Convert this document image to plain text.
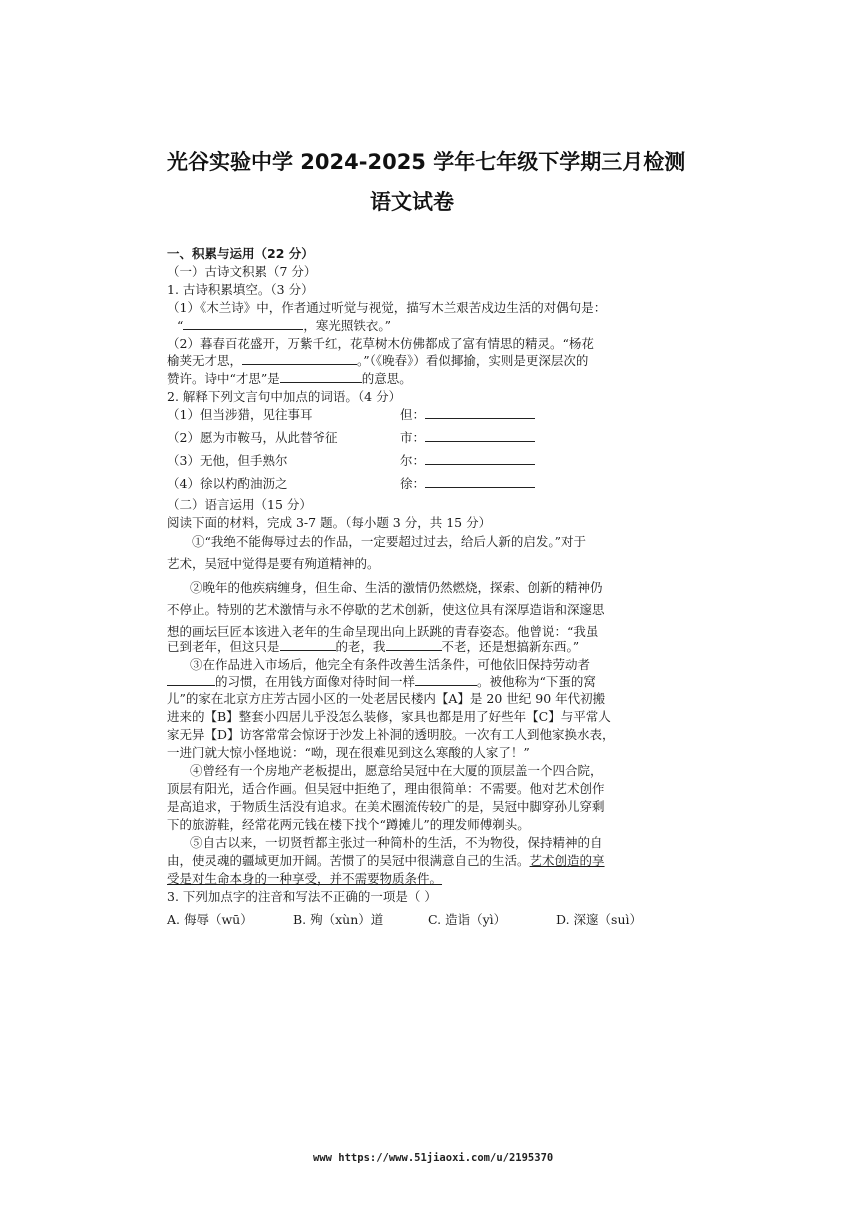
光谷实验中学 2024-2025 学年七年级下学期三月检测
语文试卷
一、积累与运用（22 分）
（一）古诗文积累（7 分）
1. 古诗积累填空。（3 分）
（1）《木兰诗》中，作者通过听觉与视觉，描写木兰艰苦戍边生活的对偶句是：
“	，寒光照铁衣。”
（2）暮春百花盛开，万紫千红，花草树木仿佛都成了富有情思的精灵。“杨花
榆荚无才思，	。”（《晚春》）看似揶揄，实则是更深层次的
赞许。诗中“才思”是	的意思。
2. 解释下列文言句中加点的词语。（4 分）
（1）但当涉猎，见往事耳	但：
（2）愿为市鞍马，从此替爷征	市：
（3）无他，但手熟尔	尔：
（4）徐以杓酌油沥之	徐：
（二）语言运用（15 分）
阅读下面的材料，完成 3-7 题。（每小题 3 分，共 15 分）
①“我绝不能侮辱过去的作品，一定要超过过去，给后人新的启发。”对于
艺术，吴冠中觉得是要有殉道精神的。
②晚年的他疾病缠身，但生命、生活的激情仍然燃烧，探索、创新的精神仍
不停止。特别的艺术激情与永不停歇的艺术创新，使这位具有深厚造诣和深邃思
想的画坛巨匠本该进入老年的生命呈现出向上跃跳的青春姿态。他曾说：“我虽
已到老年，但这只是	的老，我	不老，还是想搞新东西。”
③在作品进入市场后，他完全有条件改善生活条件，可他依旧保持劳动者
的习惯，在用钱方面像对待时间一样	。被他称为“下蛋的窝
儿”的家在北京方庄芳古园小区的一处老居民楼内【A】是 20 世纪 90 年代初搬
进来的【B】整套小四居儿乎没怎么装修，家具也都是用了好些年【C】与平常人
家无异【D】访客常常会惊讶于沙发上补洞的透明胶。一次有工人到他家换水表，
一进门就大惊小怪地说：“呦，现在很难见到这么寒酸的人家了！”
④曾经有一个房地产老板提出，愿意给吴冠中在大厦的顶层盖一个四合院，
顶层有阳光，适合作画。但吴冠中拒绝了，理由很简单：不需要。他对艺术创作
是高追求，于物质生活没有追求。在美术圈流传较广的是，吴冠中脚穿孙儿穿剩
下的旅游鞋，经常花两元钱在楼下找个“蹲摊儿”的理发师傅剃头。
⑤自古以来，一切贤哲都主张过一种简朴的生活，不为物役，保持精神的自
由，使灵魂的疆域更加开阔。苦惯了的吴冠中很满意自己的生活。艺术创造的享
受是对生命本身的一种享受，并不需要物质条件。
3. 下列加点字的注音和写法不正确的一项是（ ）
A. 侮辱（wū）	B. 殉（xùn）道	C. 造诣（yì）	D. 深邃（suì）
www https://www.51jiaoxi.com/u/2195370
